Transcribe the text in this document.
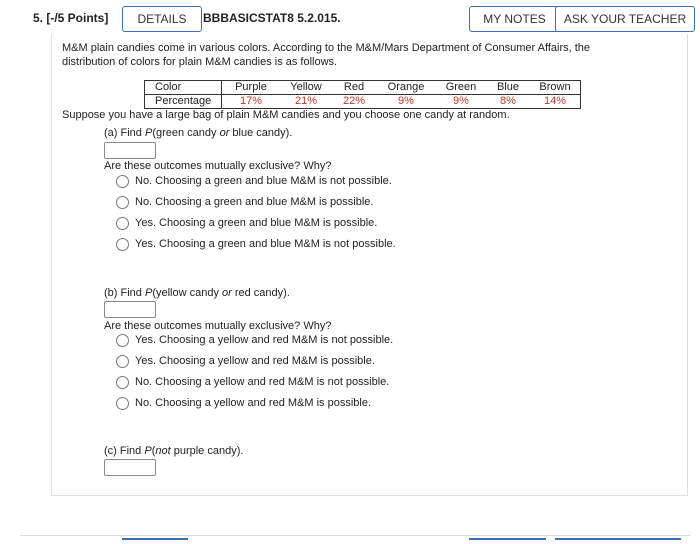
5. [-/5 Points]	DETAILS	BBBASICSTAT8 5.2.015.	MY NOTES	ASK YOUR TEACHER
M&M plain candies come in various colors. According to the M&M/Mars Department of Consumer Affairs, the
distribution of colors for plain M&M candies is as follows.
Color	Purple	Yellow	Red	Orange	Green	Blue	Brown
Percentage	17%	21%	22%	9%	9%	8%	14%
Suppose you have a large bag of plain M&M candies and you choose one candy at random.
(a) Find P(green candy or blue candy).
Are these outcomes mutually exclusive? Why?
No. Choosing a green and blue M&M is not possible.
No. Choosing a green and blue M&M is possible.
Yes. Choosing a green and blue M&M is possible.
Yes. Choosing a green and blue M&M is not possible.
(b) Find P(yellow candy or red candy).
Are these outcomes mutually exclusive? Why?
Yes. Choosing a yellow and red M&M is not possible.
Yes. Choosing a yellow and red M&M is possible.
No. Choosing a yellow and red M&M is not possible.
No. Choosing a yellow and red M&M is possible.
(c) Find P(not purple candy).
